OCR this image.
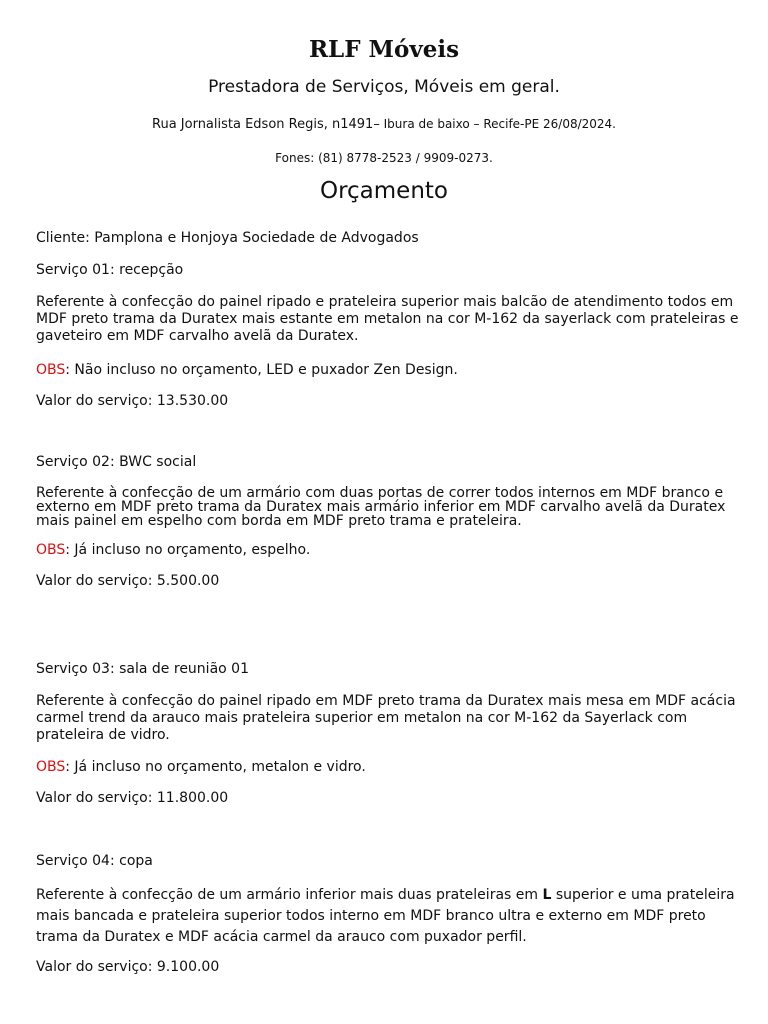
RLF Móveis
Prestadora de Serviços, Móveis em geral.
Rua Jornalista Edson Regis, n1491– Ibura de baixo – Recife-PE 26/08/2024.
Fones: (81) 8778-2523 / 9909-0273.
Orçamento
Cliente: Pamplona e Honjoya Sociedade de Advogados
Serviço 01: recepção
Referente à confecção do painel ripado e prateleira superior mais balcão de atendimento todos em MDF preto trama da Duratex mais estante em metalon na cor M-162 da sayerlack com prateleiras e gaveteiro em MDF carvalho avelã da Duratex.
OBS: Não incluso no orçamento, LED e puxador Zen Design.
Valor do serviço: 13.530.00
Serviço 02: BWC social
Referente à confecção de um armário com duas portas de correr todos internos em MDF branco e externo em MDF preto trama da Duratex mais armário inferior em MDF carvalho avelã da Duratex mais painel em espelho com borda em MDF preto trama e prateleira.
OBS: Já incluso no orçamento, espelho.
Valor do serviço: 5.500.00
Serviço 03: sala de reunião 01
Referente à confecção do painel ripado em MDF preto trama da Duratex mais mesa em MDF acácia carmel trend da arauco mais prateleira superior em metalon na cor M-162 da Sayerlack com prateleira de vidro.
OBS: Já incluso no orçamento, metalon e vidro.
Valor do serviço: 11.800.00
Serviço 04: copa
Referente à confecção de um armário inferior mais duas prateleiras em L superior e uma prateleira mais bancada e prateleira superior todos interno em MDF branco ultra e externo em MDF preto trama da Duratex e MDF acácia carmel da arauco com puxador perfil.
Valor do serviço: 9.100.00
